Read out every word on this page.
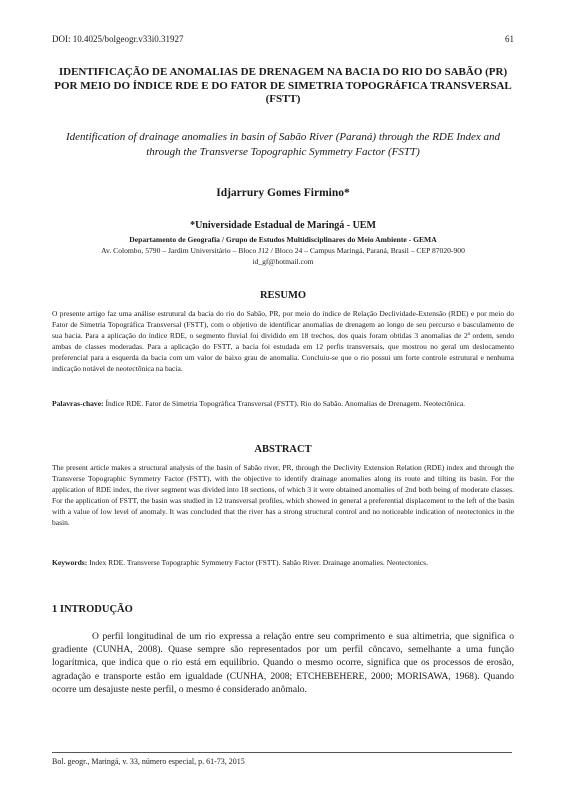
DOI: 10.4025/bolgeogr.v33i0.31927	61
IDENTIFICAÇÃO DE ANOMALIAS DE DRENAGEM NA BACIA DO RIO DO SABÃO (PR) POR MEIO DO ÍNDICE RDE E DO FATOR DE SIMETRIA TOPOGRÁFICA TRANSVERSAL (FSTT)
Identification of drainage anomalies in basin of Sabão River (Paraná) through the RDE Index and through the Transverse Topographic Symmetry Factor (FSTT)
Idjarrury Gomes Firmino*
*Universidade Estadual de Maringá - UEM
Departamento de Geografia / Grupo de Estudos Multidisciplinares do Meio Ambiente - GEMA
Av. Colombo, 5790 – Jardim Universitário – Bloco J12 / Bloco 24 – Campus Maringá, Paraná, Brasil – CEP 87020-900
id_gf@hotmail.com
RESUMO
O presente artigo faz uma análise estrutural da bacia do rio do Sabão, PR, por meio do índice de Relação Declividade-Extensão (RDE) e por meio do Fator de Simetria Topográfica Transversal (FSTT), com o objetivo de identificar anomalias de drenagem ao longo de seu percurso e basculamento de sua bacia. Para a aplicação do índice RDE, o segmento fluvial foi dividido em 18 trechos, dos quais foram obtidas 3 anomalias de 2ª ordem, sendo ambas de classes moderadas. Para a aplicação do FSTT, a bacia foi estudada em 12 perfis transversais, que mostrou no geral um deslocamento preferencial para a esquerda da bacia com um valor de baixo grau de anomalia. Concluiu-se que o rio possui um forte controle estrutural e nenhuma indicação notável de neotectônica na bacia.
Palavras-chave: Índice RDE. Fator de Simetria Topográfica Transversal (FSTT). Rio do Sabão. Anomalias de Drenagem. Neotectônica.
ABSTRACT
The present article makes a structural analysis of the basin of Sabão river, PR, through the Declivity Extension Relation (RDE) index and through the Transverse Topographic Symmetry Factor (FSTT), with the objective to identify drainage anomalies along its route and tilting its basin. For the application of RDE index, the river segment was divided into 18 sections, of which 3 it were obtained anomalies of 2nd both being of moderate classes. For the application of FSTT, the basin was studied in 12 transversal profiles, which showed in general a preferential displacement to the left of the basin with a value of low level of anomaly. It was concluded that the river has a strong structural control and no noticeable indication of neotectonics in the basin.
Keywords: Index RDE. Transverse Topographic Symmetry Factor (FSTT). Sabão River. Drainage anomalies. Neotectonics.
1 INTRODUÇÃO
O perfil longitudinal de um rio expressa a relação entre seu comprimento e sua altimetria, que significa o gradiente (CUNHA, 2008). Quase sempre são representados por um perfil côncavo, semelhante a uma função logarítmica, que indica que o rio está em equilíbrio. Quando o mesmo ocorre, significa que os processos de erosão, agradação e transporte estão em igualdade (CUNHA, 2008; ETCHEBEHERE, 2000; MORISAWA, 1968). Quando ocorre um desajuste neste perfil, o mesmo é considerado anômalo.
Bol. geogr., Maringá, v. 33, número especial, p. 61-73, 2015
